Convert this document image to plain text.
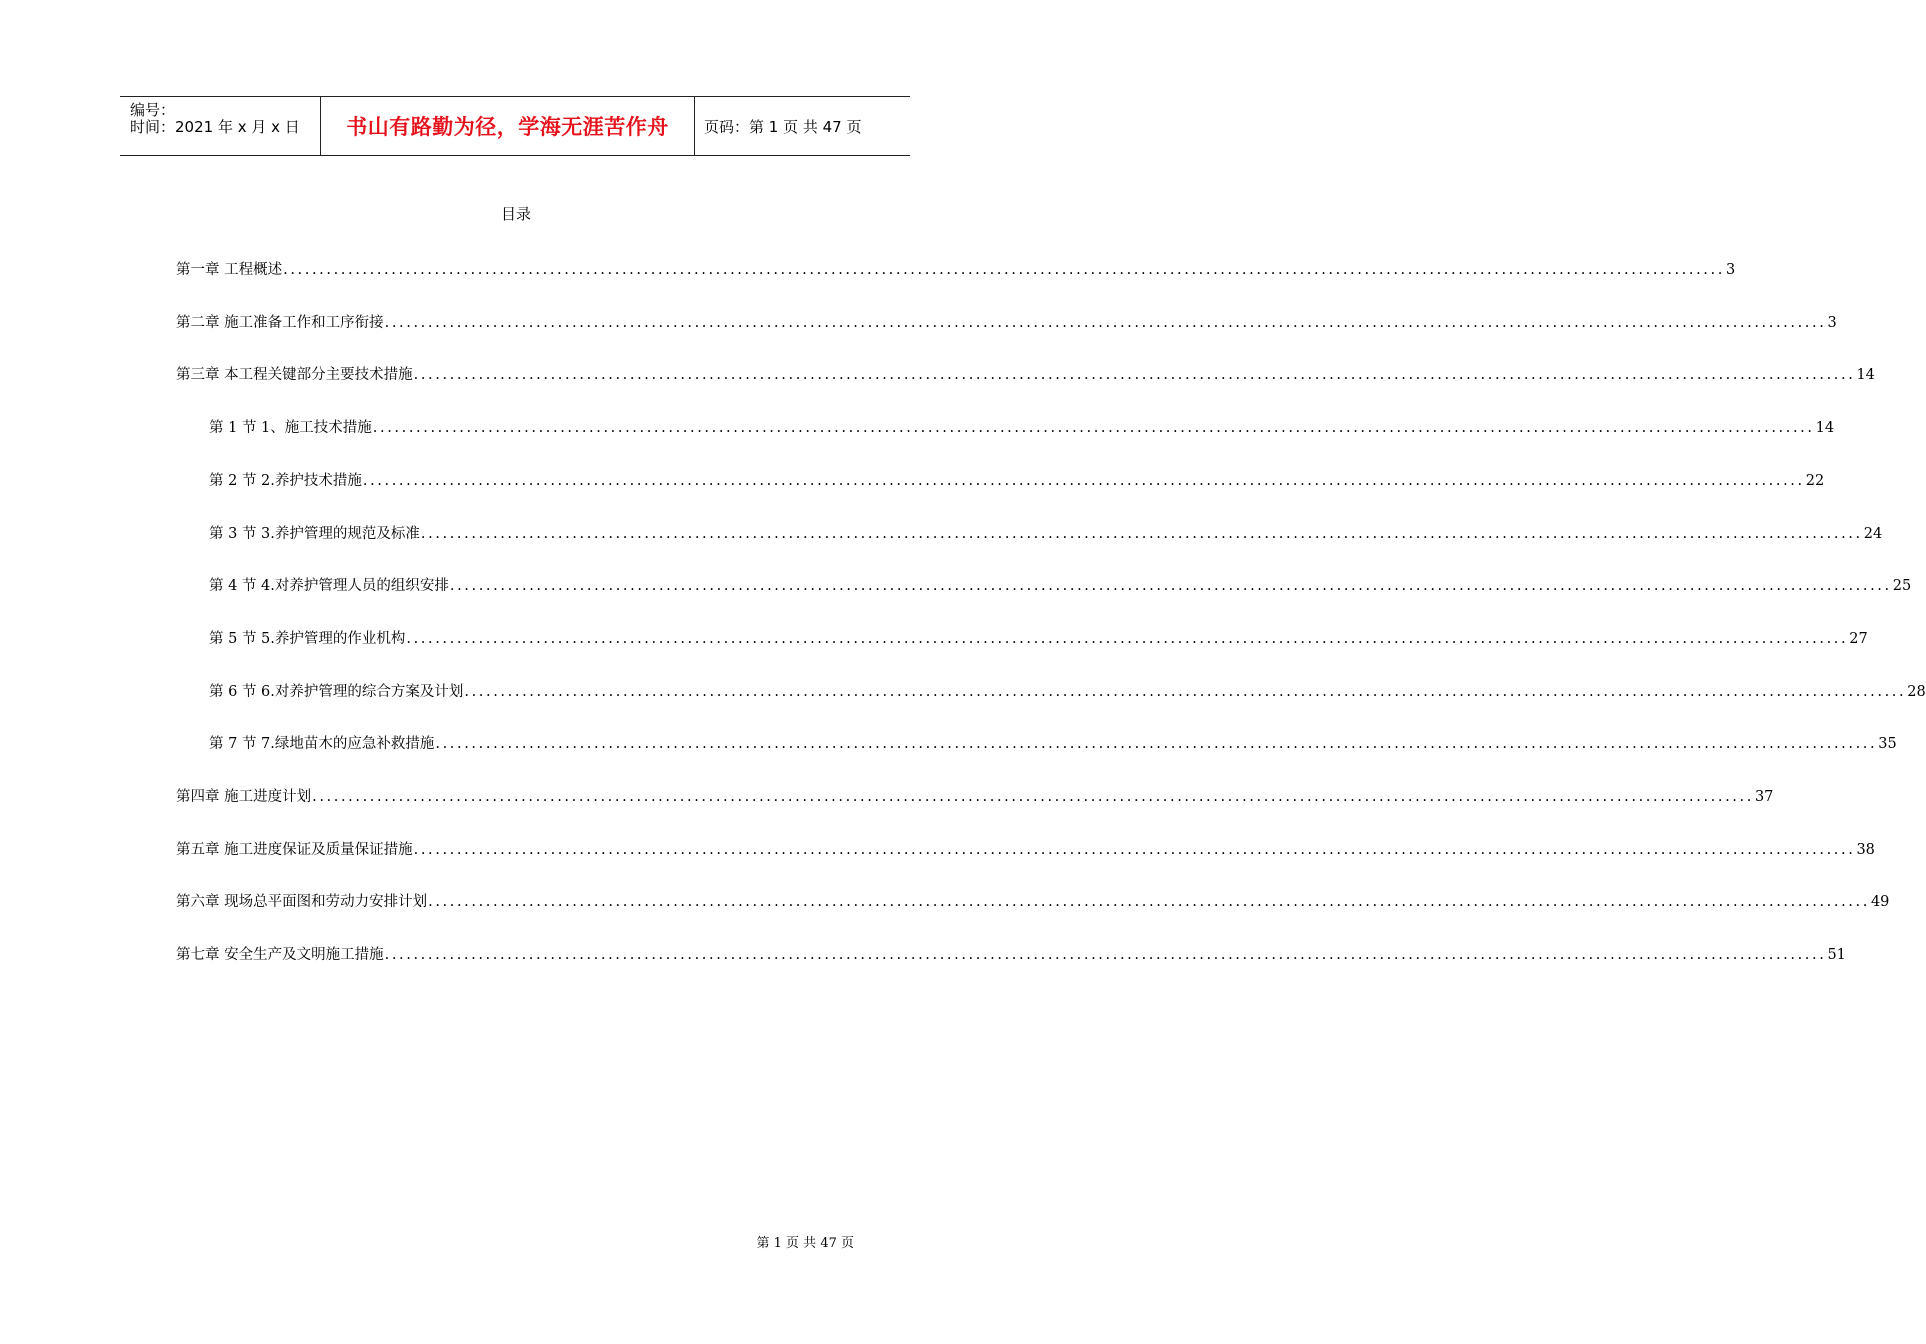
编号：
时间：2021 年 x 月 x 日	书山有路勤为径，学海无涯苦作舟	页码：第 1 页 共 47 页
目录
第一章 工程概述 ........................................................................................................................................................................................................ 3
第二章 施工准备工作和工序衔接 ........................................................................................................................................................................................................ 3
第三章 本工程关键部分主要技术措施 ........................................................................................................................................................................................................ 14
第 1 节 1、施工技术措施 ........................................................................................................................................................................................................ 14
第 2 节 2.养护技术措施 ........................................................................................................................................................................................................ 22
第 3 节 3.养护管理的规范及标准 ........................................................................................................................................................................................................ 24
第 4 节 4.对养护管理人员的组织安排 ........................................................................................................................................................................................................ 25
第 5 节 5.养护管理的作业机构 ........................................................................................................................................................................................................ 27
第 6 节 6.对养护管理的综合方案及计划 ........................................................................................................................................................................................................ 28
第 7 节 7.绿地苗木的应急补救措施 ........................................................................................................................................................................................................ 35
第四章 施工进度计划 ........................................................................................................................................................................................................ 37
第五章 施工进度保证及质量保证措施 ........................................................................................................................................................................................................ 38
第六章 现场总平面图和劳动力安排计划 ........................................................................................................................................................................................................ 49
第七章 安全生产及文明施工措施 ........................................................................................................................................................................................................ 51
第 1 页 共 47 页
